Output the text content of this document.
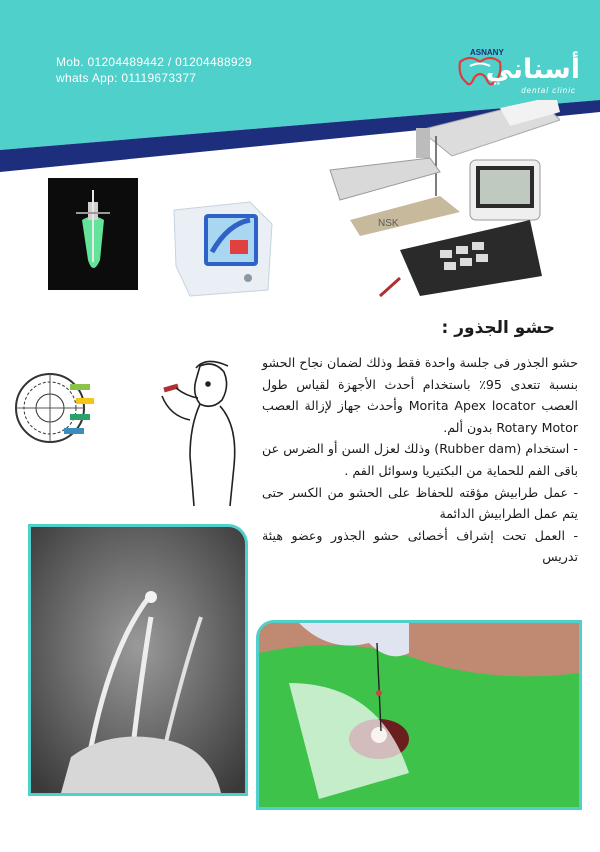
Mob. 01204489442 / 01204488929
whats App: 01119673377
ASNANY
أسناني
dental clinic
NSK
حشو الجذور :

حشو الجذور فى جلسة واحدة فقط وذلك لضمان نجاح الحشو بنسبة تتعدى 95٪ باستخدام أحدث الأجهزة لقياس طول العصب Morita Apex locator وأحدث جهاز لإزالة العصب Rotary Motor بدون ألم.

- استخدام (Rubber dam) وذلك لعزل السن أو الضرس عن باقى الفم للحماية من البكتيريا وسوائل الفم .

- عمل طرابيش مؤقته للحفاظ على الحشو من الكسر حتى يتم عمل الطرابيش الدائمة

- العمل تحت إشراف أخصائى حشو الجذور وعضو هيئة تدريس
